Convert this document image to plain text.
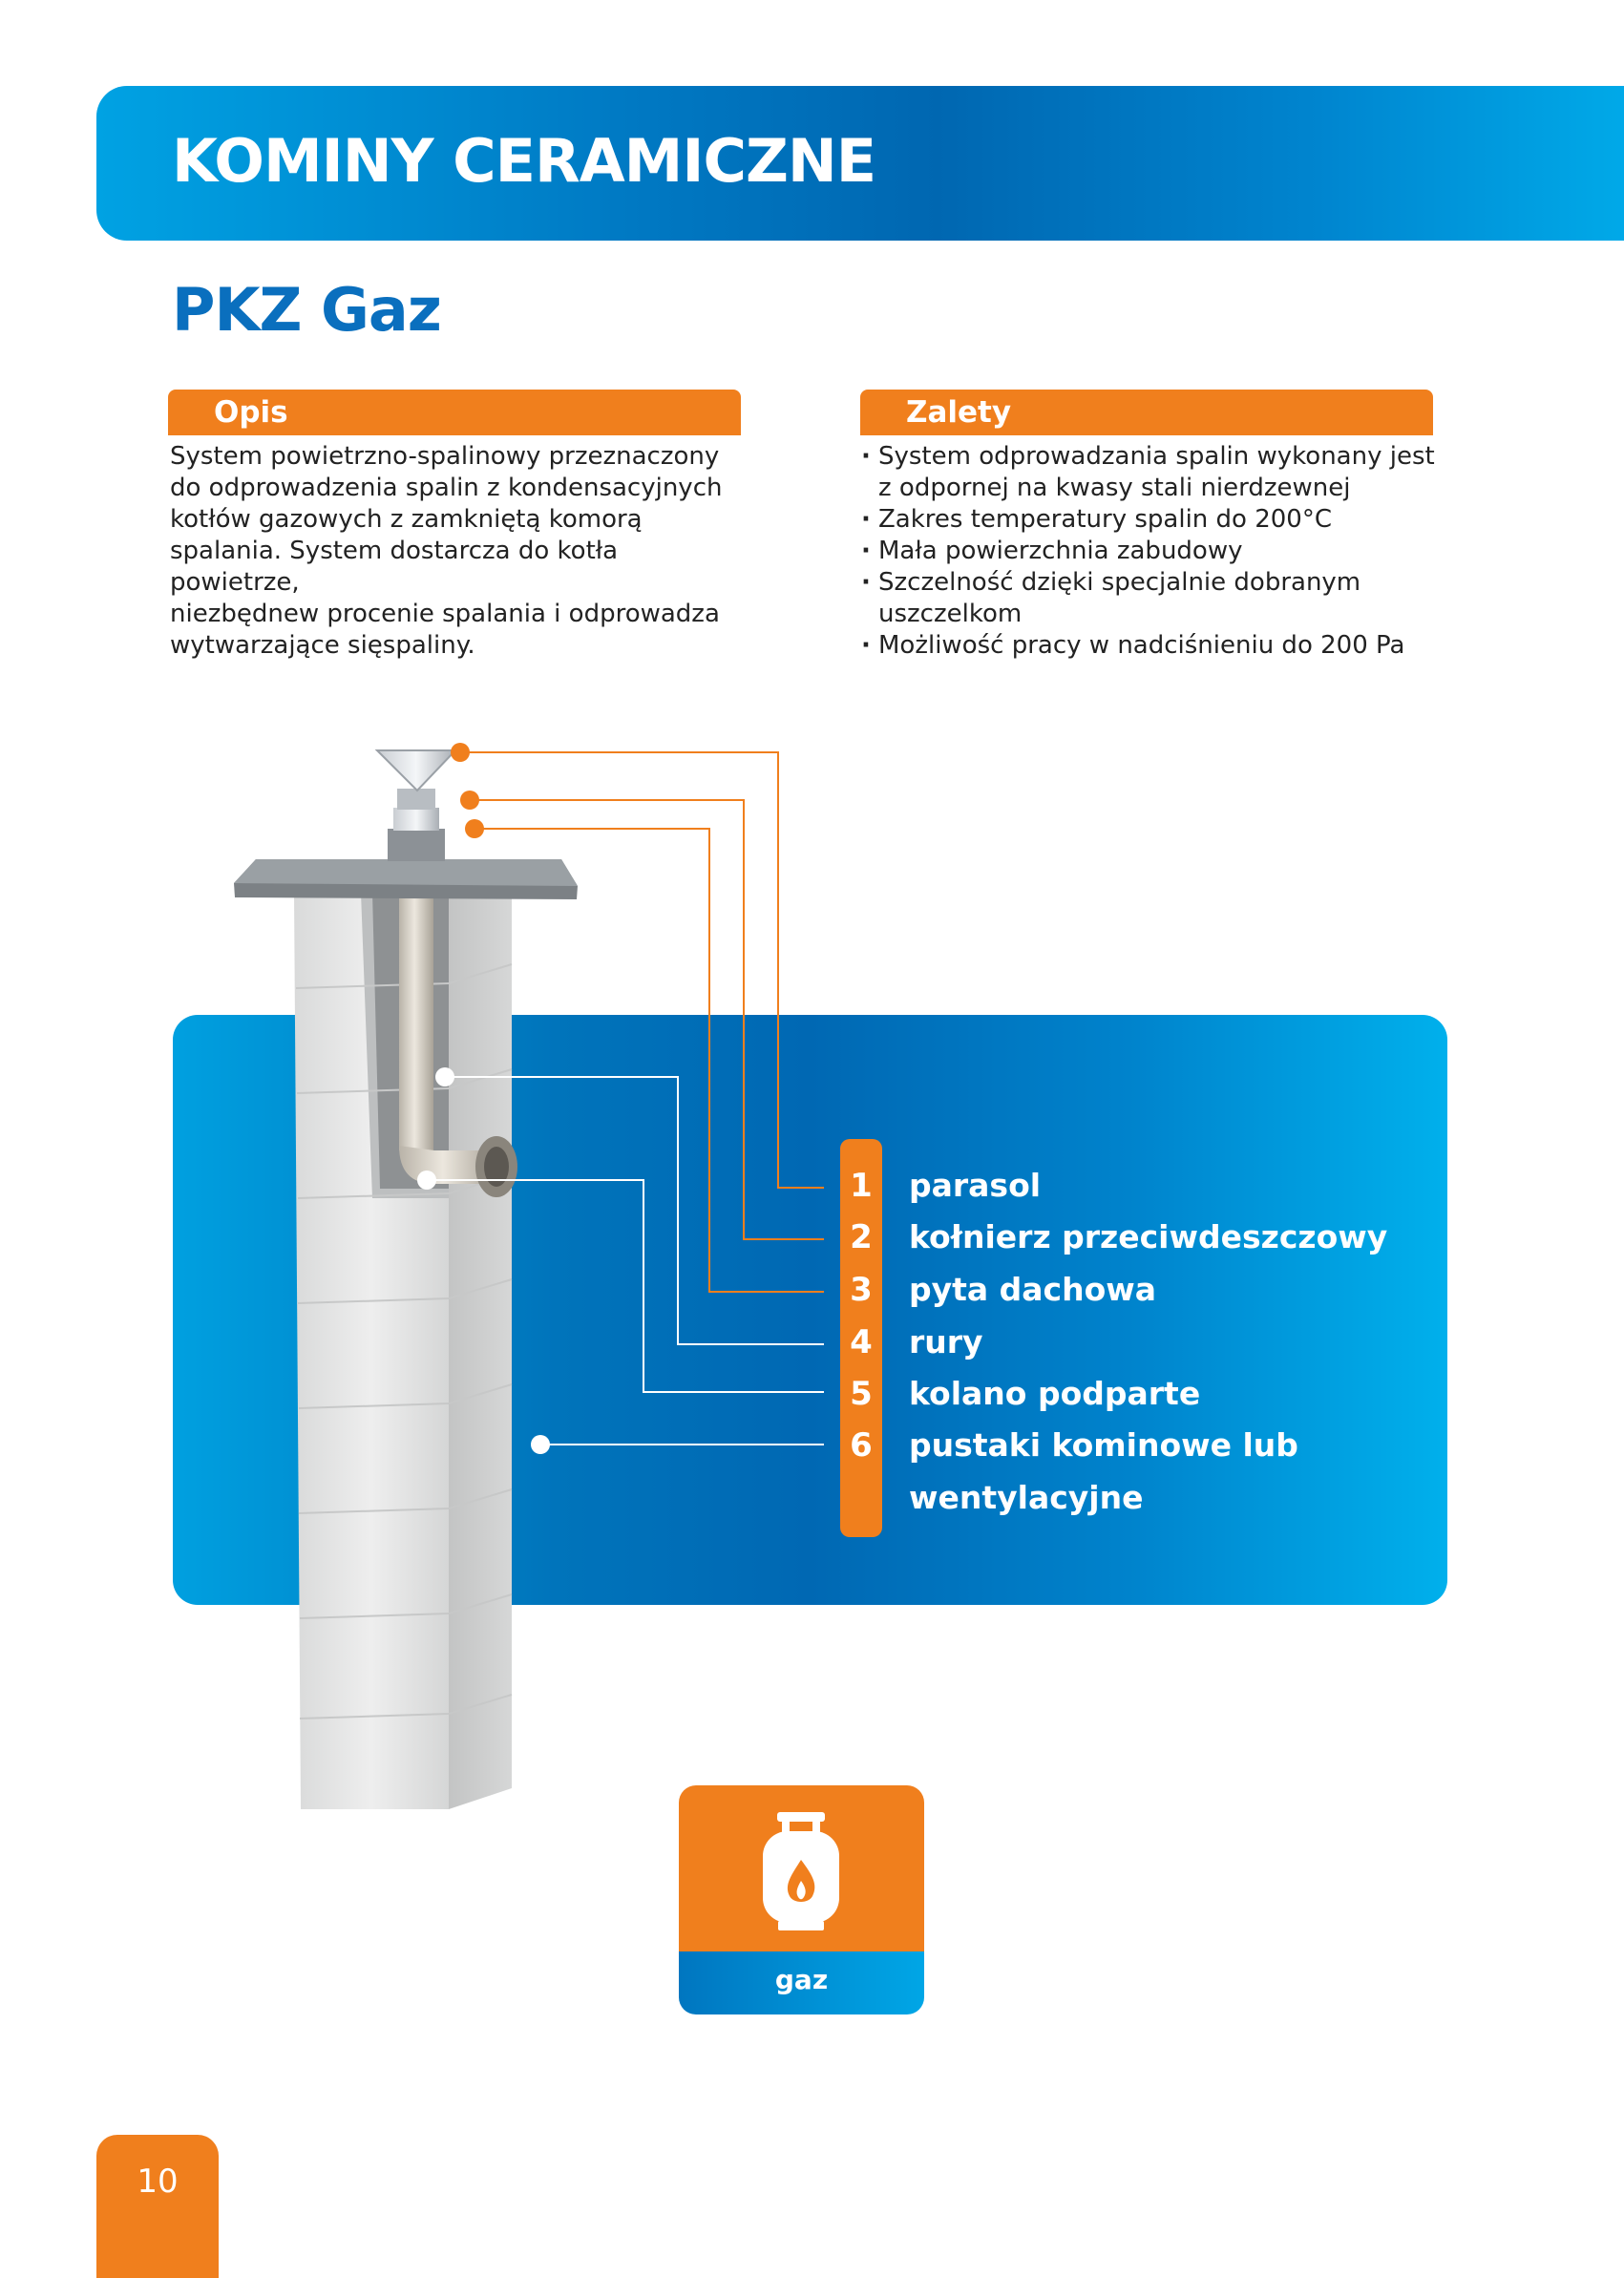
KOMINY CERAMICZNE
PKZ Gaz
Opis
System powietrzno-spalinowy przeznaczony
do odprowadzenia spalin z kondensacyjnych
kotłów gazowych z zamkniętą komorą
spalania. System dostarcza do kotła powietrze,
niezbędnew procenie spalania i odprowadza
wytwarzające sięspaliny.
Zalety
· System odprowadzania spalin wykonany jest z odpornej na kwasy stali nierdzewnej
· Zakres temperatury spalin do 200°C
· Mała powierzchnia zabudowy
· Szczelność dzięki specjalnie dobranym uszczelkom
· Możliwość pracy w nadciśnieniu do 200 Pa
1
2
3
4
5
6
parasol
kołnierz przeciwdeszczowy
pyta dachowa
rury
kolano podparte
pustaki kominowe lub
wentylacyjne
gaz
10
